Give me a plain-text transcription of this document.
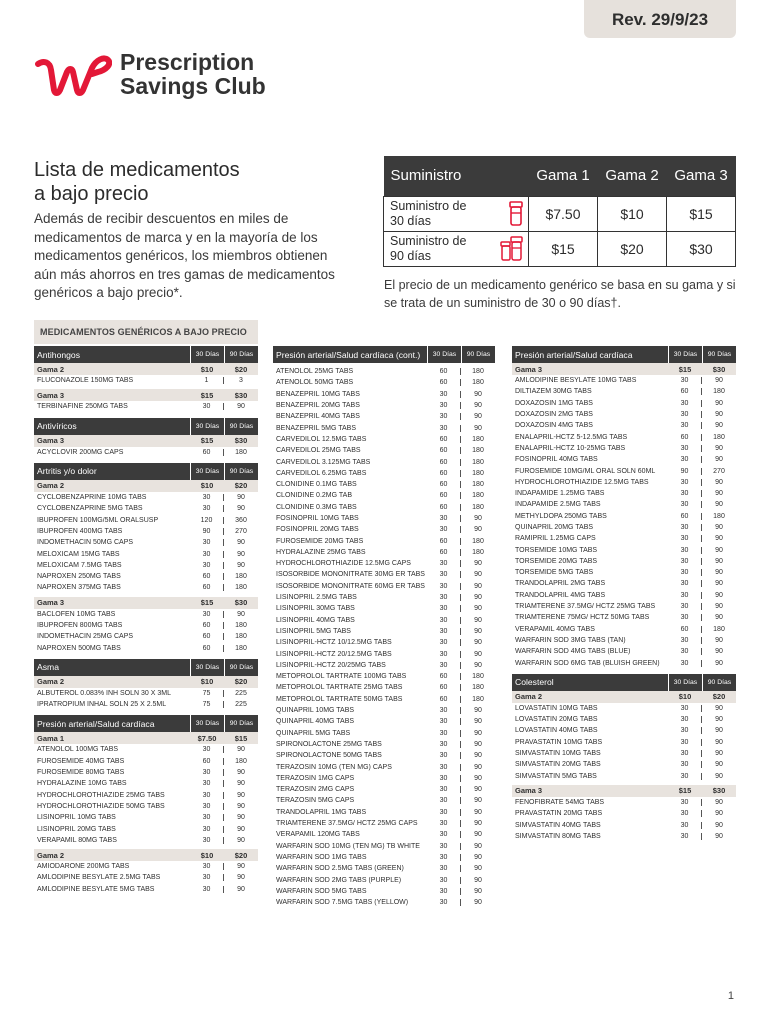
Rev. 29/9/23
Prescription
Savings Club
Lista de medicamentos
a bajo precio
Además de recibir descuentos en miles de medicamentos de marca y en la mayoría de los medicamentos genéricos, los miembros obtienen aún más ahorros en tres gamas de medicamentos genéricos a bajo precio*.
Suministro	Gama 1	Gama 2	Gama 3

Suministro de 30 días	$7.50	$10	$15

Suministro de 90 días	$15	$20	$30
El precio de un medicamento genérico se basa en su gama y si se trata de un suministro de 30 o 90 días†.
MEDICAMENTOS GENÉRICOS A BAJO PRECIO
Antihongos	30 Días	90 Días
Gama 2	$10	$20
FLUCONAZOLE 150MG TABS	1	3
Gama 3	$15	$30
TERBINAFINE 250MG TABS	30	90
Antivíricos	30 Días	90 Días
Gama 3	$15	$30
ACYCLOVIR 200MG CAPS	60	180
Artritis y/o dolor	30 Días	90 Días
Gama 2	$10	$20
CYCLOBENZAPRINE 10MG TABS	30	90
CYCLOBENZAPRINE 5MG TABS	30	90
IBUPROFEN 100MG/5ML ORALSUSP	120	360
IBUPROFEN 400MG TABS	90	270
INDOMETHACIN 50MG CAPS	30	90
MELOXICAM 15MG TABS	30	90
MELOXICAM 7.5MG TABS	30	90
NAPROXEN 250MG TABS	60	180
NAPROXEN 375MG TABS	60	180
Gama 3	$15	$30
BACLOFEN 10MG TABS	30	90
IBUPROFEN 800MG TABS	60	180
INDOMETHACIN 25MG CAPS	60	180
NAPROXEN 500MG TABS	60	180
Asma	30 Días	90 Días
Gama 2	$10	$20
ALBUTEROL 0.083% INH SOLN 30 X 3ML	75	225
IPRATROPIUM INHAL SOLN 25 X 2.5ML	75	225
Presión arterial/Salud cardíaca	30 Días	90 Días
Gama 1	$7.50	$15
ATENOLOL 100MG TABS	30	90
FUROSEMIDE 40MG TABS	60	180
FUROSEMIDE 80MG TABS	30	90
HYDRALAZINE 10MG TABS	30	90
HYDROCHLOROTHIAZIDE 25MG TABS	30	90
HYDROCHLOROTHIAZIDE 50MG TABS	30	90
LISINOPRIL 10MG TABS	30	90
LISINOPRIL 20MG TABS	30	90
VERAPAMIL 80MG TABS	30	90
Gama 2	$10	$20
AMIODARONE 200MG TABS	30	90
AMLODIPINE BESYLATE 2.5MG TABS	30	90
AMLODIPINE BESYLATE 5MG TABS	30	90
Presión arterial/Salud cardíaca (cont.)	30 Días	90 Días
ATENOLOL 25MG TABS	60	180
ATENOLOL 50MG TABS	60	180
BENAZEPRIL 10MG TABS	30	90
BENAZEPRIL 20MG TABS	30	90
BENAZEPRIL 40MG TABS	30	90
BENAZEPRIL 5MG TABS	30	90
CARVEDILOL 12.5MG TABS	60	180
CARVEDILOL 25MG TABS	60	180
CARVEDILOL 3.125MG TABS	60	180
CARVEDILOL 6.25MG TABS	60	180
CLONIDINE 0.1MG TABS	60	180
CLONIDINE 0.2MG TAB	60	180
CLONIDINE 0.3MG TABS	60	180
FOSINOPRIL 10MG TABS	30	90
FOSINOPRIL 20MG TABS	30	90
FUROSEMIDE 20MG TABS	60	180
HYDRALAZINE 25MG TABS	60	180
HYDROCHLOROTHIAZIDE 12.5MG CAPS	30	90
ISOSORBIDE MONONITRATE 30MG ER TABS	30	90
ISOSORBIDE MONONITRATE 60MG ER TABS	30	90
LISINOPRIL 2.5MG TABS	30	90
LISINOPRIL 30MG TABS	30	90
LISINOPRIL 40MG TABS	30	90
LISINOPRIL 5MG TABS	30	90
LISINOPRIL-HCTZ 10/12.5MG TABS	30	90
LISINOPRIL-HCTZ 20/12.5MG TABS	30	90
LISINOPRIL-HCTZ 20/25MG TABS	30	90
METOPROLOL TARTRATE 100MG TABS	60	180
METOPROLOL TARTRATE 25MG TABS	60	180
METOPROLOL TARTRATE 50MG TABS	60	180
QUINAPRIL 10MG TABS	30	90
QUINAPRIL 40MG TABS	30	90
QUINAPRIL 5MG TABS	30	90
SPIRONOLACTONE 25MG TABS	30	90
SPIRONOLACTONE 50MG TABS	30	90
TERAZOSIN 10MG (TEN MG) CAPS	30	90
TERAZOSIN 1MG CAPS	30	90
TERAZOSIN 2MG CAPS	30	90
TERAZOSIN 5MG CAPS	30	90
TRANDOLAPRIL 1MG TABS	30	90
TRIAMTERENE 37.5MG/ HCTZ 25MG CAPS	30	90
VERAPAMIL 120MG TABS	30	90
WARFARIN SOD 10MG (TEN MG) TB WHITE	30	90
WARFARIN SOD 1MG TABS	30	90
WARFARIN SOD 2.5MG TABS (GREEN)	30	90
WARFARIN SOD 2MG TABS (PURPLE)	30	90
WARFARIN SOD 5MG TABS	30	90
WARFARIN SOD 7.5MG TABS (YELLOW)	30	90
Presión arterial/Salud cardíaca	30 Días	90 Días
Gama 3	$15	$30
AMLODIPINE BESYLATE 10MG TABS	30	90
DILTIAZEM 30MG TABS	60	180
DOXAZOSIN 1MG TABS	30	90
DOXAZOSIN 2MG TABS	30	90
DOXAZOSIN 4MG TABS	30	90
ENALAPRIL-HCTZ 5-12.5MG TABS	60	180
ENALAPRIL-HCTZ 10-25MG TABS	30	90
FOSINOPRIL 40MG TABS	30	90
FUROSEMIDE 10MG/ML ORAL SOLN 60ML	90	270
HYDROCHLOROTHIAZIDE 12.5MG TABS	30	90
INDAPAMIDE 1.25MG TABS	30	90
INDAPAMIDE 2.5MG TABS	30	90
METHYLDOPA 250MG TABS	60	180
QUINAPRIL 20MG TABS	30	90
RAMIPRIL 1.25MG CAPS	30	90
TORSEMIDE 10MG TABS	30	90
TORSEMIDE 20MG TABS	30	90
TORSEMIDE 5MG TABS	30	90
TRANDOLAPRIL 2MG TABS	30	90
TRANDOLAPRIL 4MG TABS	30	90
TRIAMTERENE 37.5MG/ HCTZ 25MG TABS	30	90
TRIAMTERENE 75MG/ HCTZ 50MG TABS	30	90
VERAPAMIL 40MG TABS	60	180
WARFARIN SOD 3MG TABS (TAN)	30	90
WARFARIN SOD 4MG TABS (BLUE)	30	90
WARFARIN SOD 6MG TAB (BLUISH GREEN)	30	90
Colesterol	30 Días	90 Días
Gama 2	$10	$20
LOVASTATIN 10MG TABS	30	90
LOVASTATIN 20MG TABS	30	90
LOVASTATIN 40MG TABS	30	90
PRAVASTATIN 10MG TABS	30	90
SIMVASTATIN 10MG TABS	30	90
SIMVASTATIN 20MG TABS	30	90
SIMVASTATIN 5MG TABS	30	90
Gama 3	$15	$30
FENOFIBRATE 54MG TABS	30	90
PRAVASTATIN 20MG TABS	30	90
SIMVASTATIN 40MG TABS	30	90
SIMVASTATIN 80MG TABS	30	90
1
